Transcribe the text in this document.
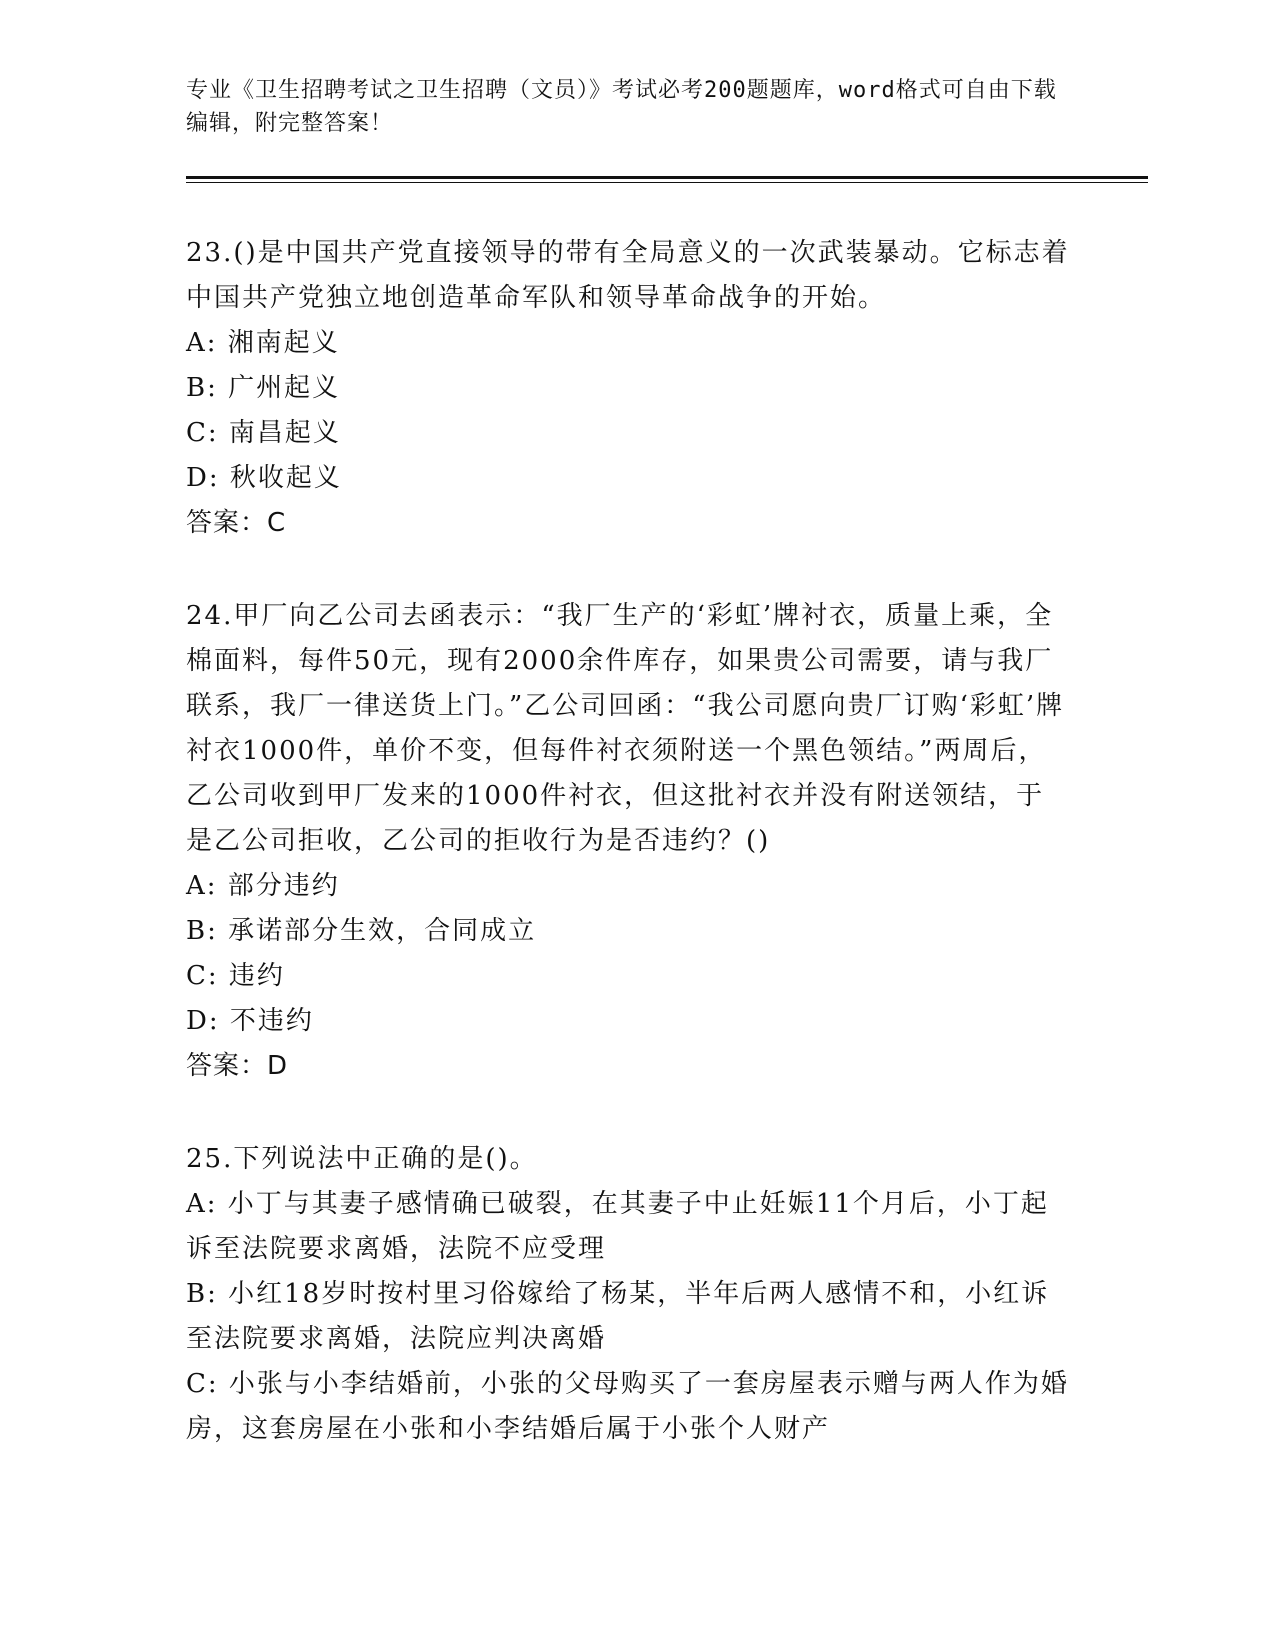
专业《卫生招聘考试之卫生招聘（文员）》考试必考200题题库，word格式可自由下载编辑，附完整答案！

23.()是中国共产党直接领导的带有全局意义的一次武装暴动。它标志着中国共产党独立地创造革命军队和领导革命战争的开始。

A: 湘南起义

B: 广州起义

C: 南昌起义

D: 秋收起义

答案：C

24.甲厂向乙公司去函表示：“我厂生产的‘彩虹’牌衬衣，质量上乘，全棉面料，每件50元，现有2000余件库存，如果贵公司需要，请与我厂联系，我厂一律送货上门。”乙公司回函：“我公司愿向贵厂订购‘彩虹’牌衬衣1000件，单价不变，但每件衬衣须附送一个黑色领结。”两周后，乙公司收到甲厂发来的1000件衬衣，但这批衬衣并没有附送领结，于是乙公司拒收，乙公司的拒收行为是否违约？()

A: 部分违约

B: 承诺部分生效，合同成立

C: 违约

D: 不违约

答案：D

25.下列说法中正确的是()。

A: 小丁与其妻子感情确已破裂，在其妻子中止妊娠11个月后，小丁起诉至法院要求离婚，法院不应受理

B: 小红18岁时按村里习俗嫁给了杨某，半年后两人感情不和，小红诉至法院要求离婚，法院应判决离婚

C: 小张与小李结婚前，小张的父母购买了一套房屋表示赠与两人作为婚房，这套房屋在小张和小李结婚后属于小张个人财产
